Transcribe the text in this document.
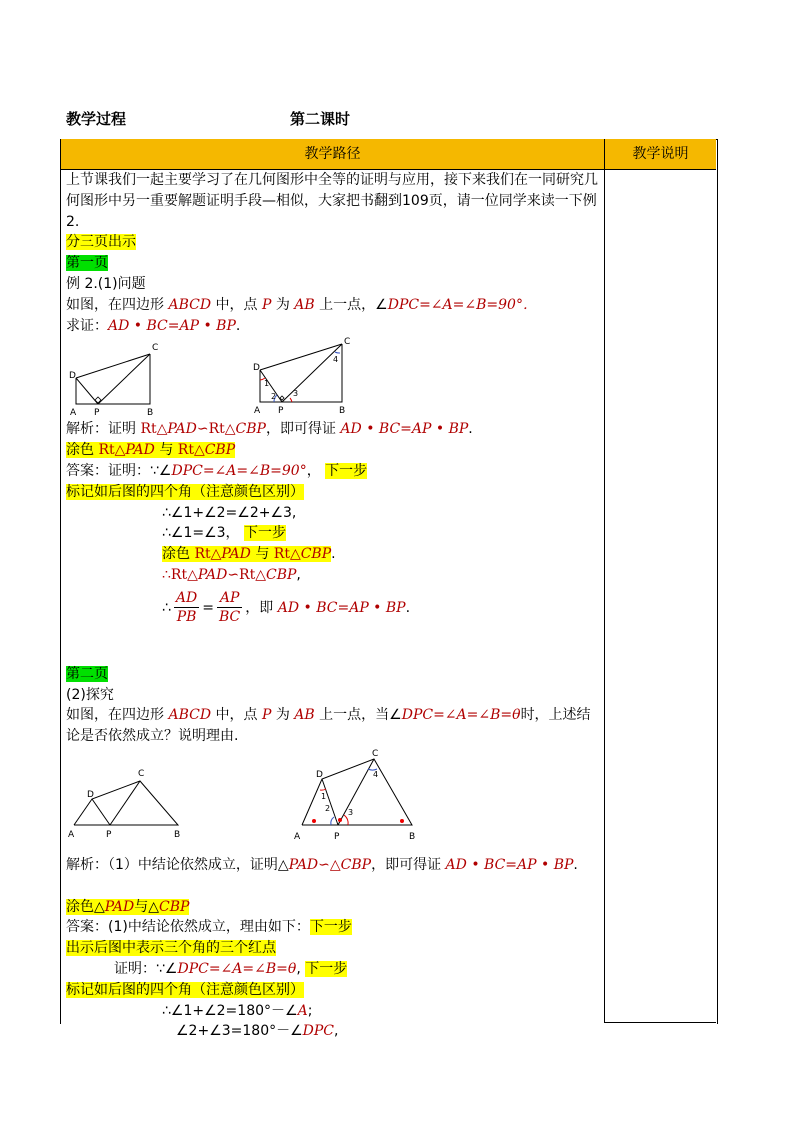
教学过程	第二课时
教学路径	教学说明
上节课我们一起主要学习了在几何图形中全等的证明与应用，接下来我们在一同研究几何图形中另一重要解题证明手段—相似，大家把书翻到109页，请一位同学来读一下例2.
分三页出示
第一页
例 2.(1)问题
如图，在四边形 ABCD 中，点 P 为 AB 上一点，∠DPC=∠A=∠B=90°．
求证：AD • BC=AP • BP.
C
D
A P	B
C
D
A P	B
1
2 3
4
解析：证明 Rt△PAD∽Rt△CBP，即可得证 AD • BC=AP • BP.
涂色 Rt△PAD 与 Rt△CBP
答案：证明：∵∠DPC=∠A=∠B=90°， 下一步
标记如后图的四个角（注意颜色区别）
∴∠1+∠2=∠2+∠3,
∴∠1=∠3， 下一步
涂色 Rt△PAD 与 Rt△CBP.
∴Rt△PAD∽Rt△CBP,
∴ $\frac{AD}{PB} = \frac{AP}{BC}$ ，即 AD • BC=AP • BP.
第二页
(2)探究
如图，在四边形 ABCD 中，点 P 为 AB 上一点，当∠DPC=∠A=∠B=θ时，上述结论是否依然成立？说明理由.
C
D
A	P	B
C
D
A	P	B
1
2 3
4
解析：（1）中结论依然成立，证明△PAD∽△CBP，即可得证 AD • BC=AP • BP.
涂色△PAD与△CBP
答案：(1)中结论依然成立，理由如下：下一步
出示后图中表示三个角的三个红点
证明：∵∠DPC=∠A=∠B=θ, 下一步
标记如后图的四个角（注意颜色区别）
∴∠1+∠2=180°－∠A;
∠2+∠3=180°－∠DPC,
